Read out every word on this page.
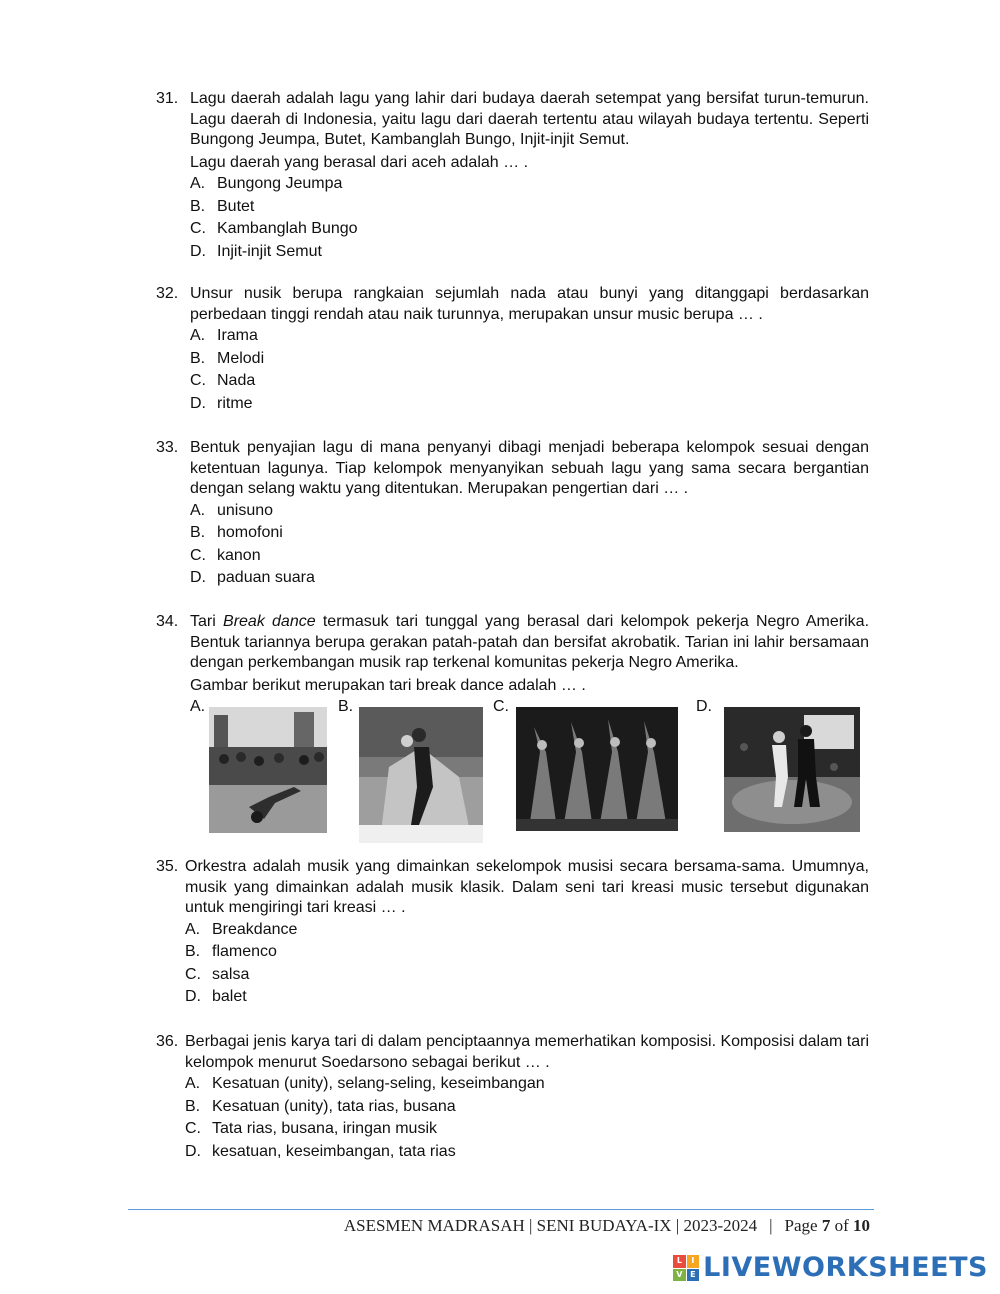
31. Lagu daerah adalah lagu yang lahir dari budaya daerah setempat yang bersifat turun-temurun. Lagu daerah di Indonesia, yaitu lagu dari daerah tertentu atau wilayah budaya tertentu. Seperti Bungong Jeumpa, Butet, Kambanglah Bungo, Injit-injit Semut.
Lagu daerah yang berasal dari aceh adalah … .
A. Bungong Jeumpa
B. Butet
C. Kambanglah Bungo
D. Injit-injit Semut
32. Unsur nusik berupa rangkaian sejumlah nada atau bunyi yang ditanggapi berdasarkan perbedaan tinggi rendah atau naik turunnya, merupakan unsur music berupa … .
A. Irama
B. Melodi
C. Nada
D. ritme
33. Bentuk penyajian lagu di mana penyanyi dibagi menjadi beberapa kelompok sesuai dengan ketentuan lagunya. Tiap kelompok menyanyikan sebuah lagu yang sama secara bergantian dengan selang waktu yang ditentukan. Merupakan pengertian dari … .
A. unisuno
B. homofoni
C. kanon
D. paduan suara
34. Tari Break dance termasuk tari tunggal yang berasal dari kelompok pekerja Negro Amerika. Bentuk tariannya berupa gerakan patah-patah dan bersifat akrobatik. Tarian ini lahir bersamaan dengan perkembangan musik rap terkenal komunitas pekerja Negro Amerika.
Gambar berikut merupakan tari break dance adalah … .
A.	B.	C.	D.
35. Orkestra adalah musik yang dimainkan sekelompok musisi secara bersama-sama. Umumnya, musik yang dimainkan adalah musik klasik. Dalam seni tari kreasi music tersebut digunakan untuk mengiringi tari kreasi … .
A. Breakdance
B. flamenco
C. salsa
D. balet
36. Berbagai jenis karya tari di dalam penciptaannya memerhatikan komposisi. Komposisi dalam tari kelompok menurut Soedarsono sebagai berikut … .
A. Kesatuan (unity), selang-seling, keseimbangan
B. Kesatuan (unity), tata rias, busana
C. Tata rias, busana, iringan musik
D. kesatuan, keseimbangan, tata rias
ASESMEN MADRASAH | SENI BUDAYA-IX | 2023-2024 | Page 7 of 10
L	I
V E LIVEWORKSHEETS
